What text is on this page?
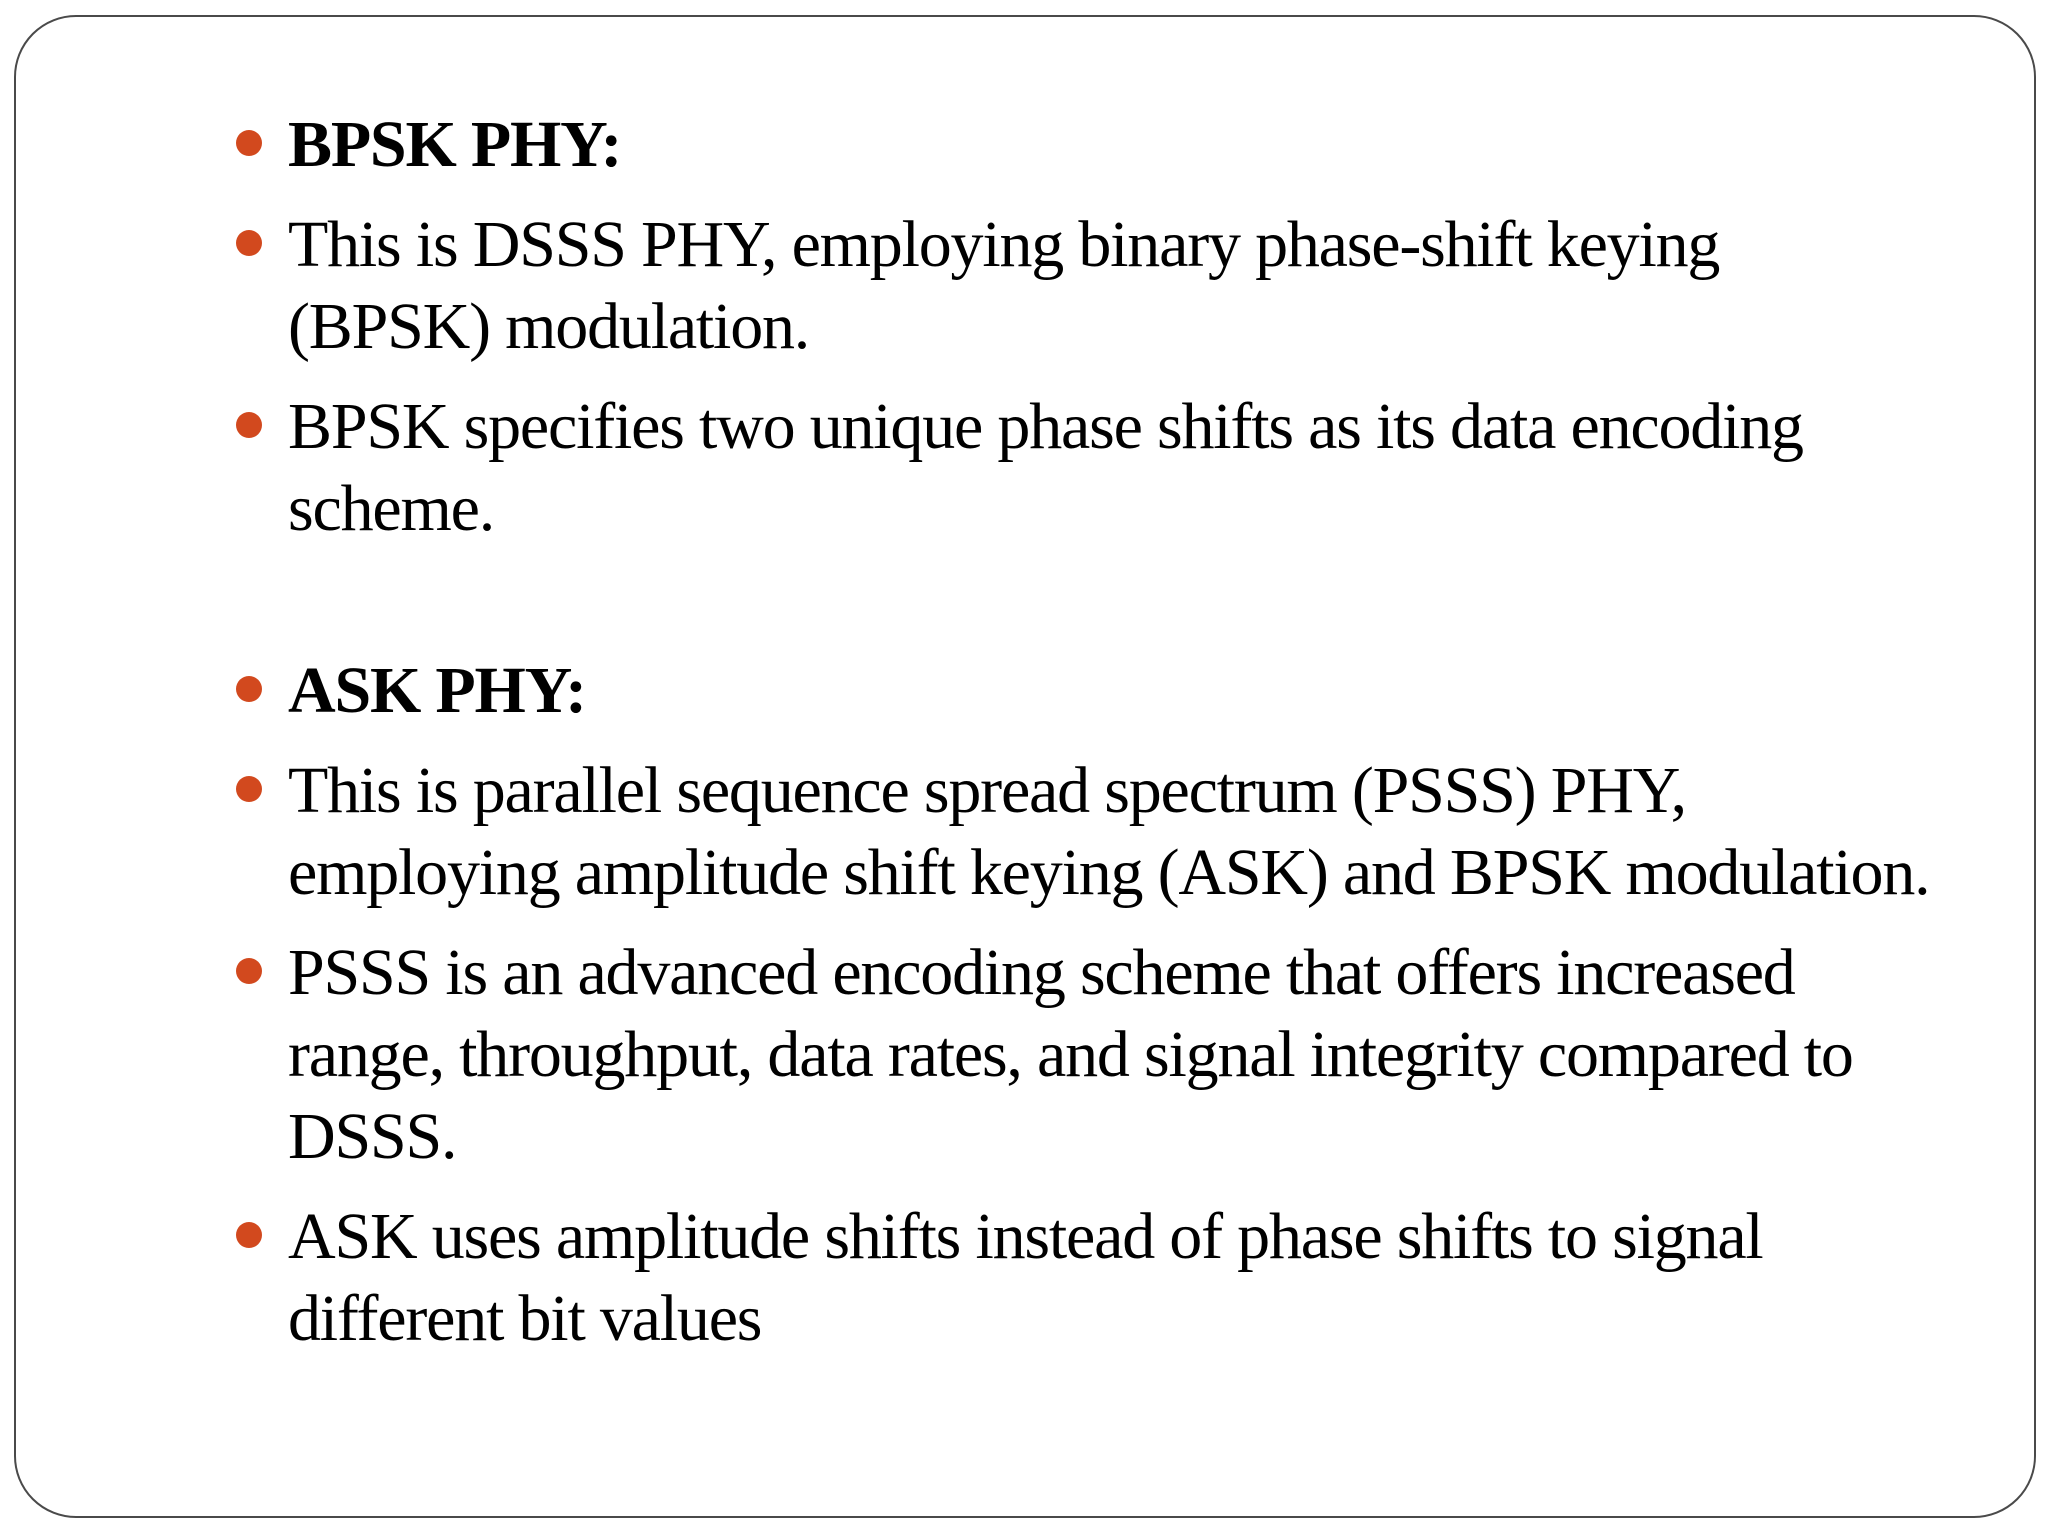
BPSK PHY:
This is DSSS PHY, employing binary phase-shift keying (BPSK) modulation.
BPSK specifies two unique phase shifts as its data encoding scheme.
ASK PHY:
This is parallel sequence spread spectrum (PSSS) PHY, employing amplitude shift keying (ASK) and BPSK modulation.
PSSS is an advanced encoding scheme that offers increased range, throughput, data rates, and signal integrity compared to DSSS.
ASK uses amplitude shifts instead of phase shifts to signal different bit values
